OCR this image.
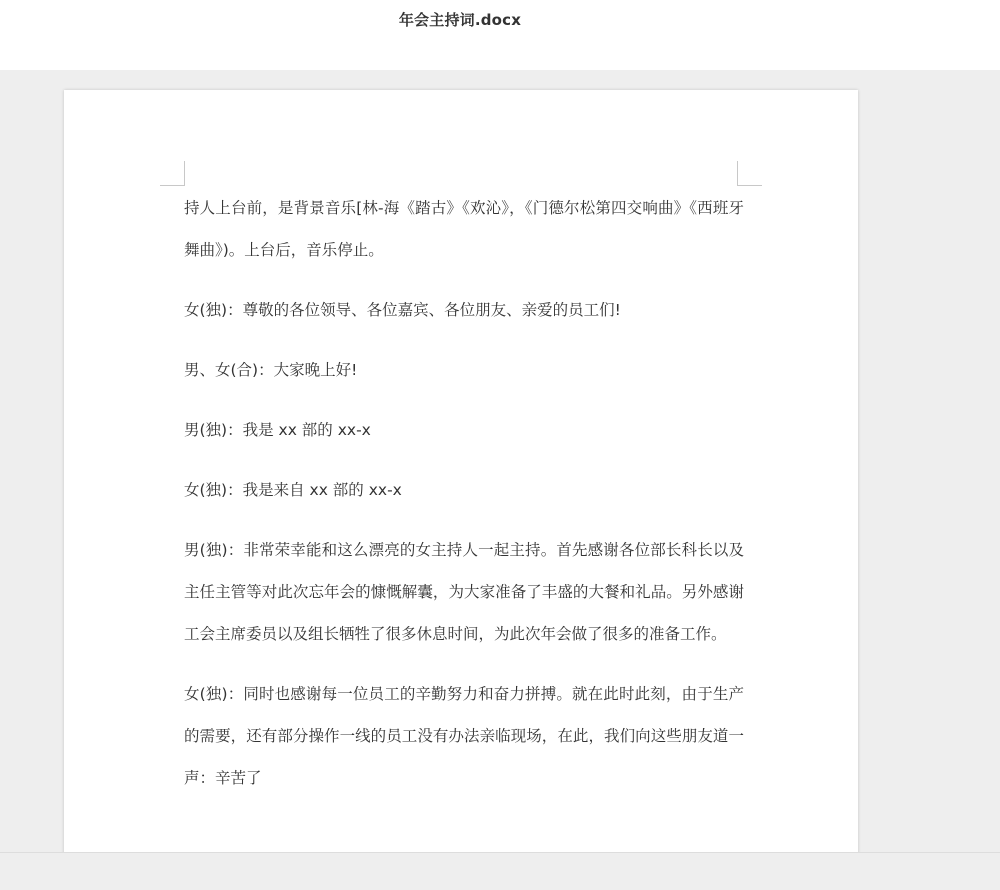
年会主持词.docx

持人上台前，是背景音乐[林-海《踏古》《欢沁》，《门德尔松第四交响曲》《西班牙舞曲》)。上台后，音乐停止。

女(独)：尊敬的各位领导、各位嘉宾、各位朋友、亲爱的员工们!

男、女(合)：大家晚上好!

男(独)：我是 xx 部的 xx-x

女(独)：我是来自 xx 部的 xx-x

男(独)：非常荣幸能和这么漂亮的女主持人一起主持。首先感谢各位部长科长以及主任主管等对此次忘年会的慷慨解囊，为大家准备了丰盛的大餐和礼品。另外感谢工会主席委员以及组长牺牲了很多休息时间，为此次年会做了很多的准备工作。

女(独)：同时也感谢每一位员工的辛勤努力和奋力拼搏。就在此时此刻，由于生产的需要，还有部分操作一线的员工没有办法亲临现场，在此，我们向这些朋友道一声：辛苦了
